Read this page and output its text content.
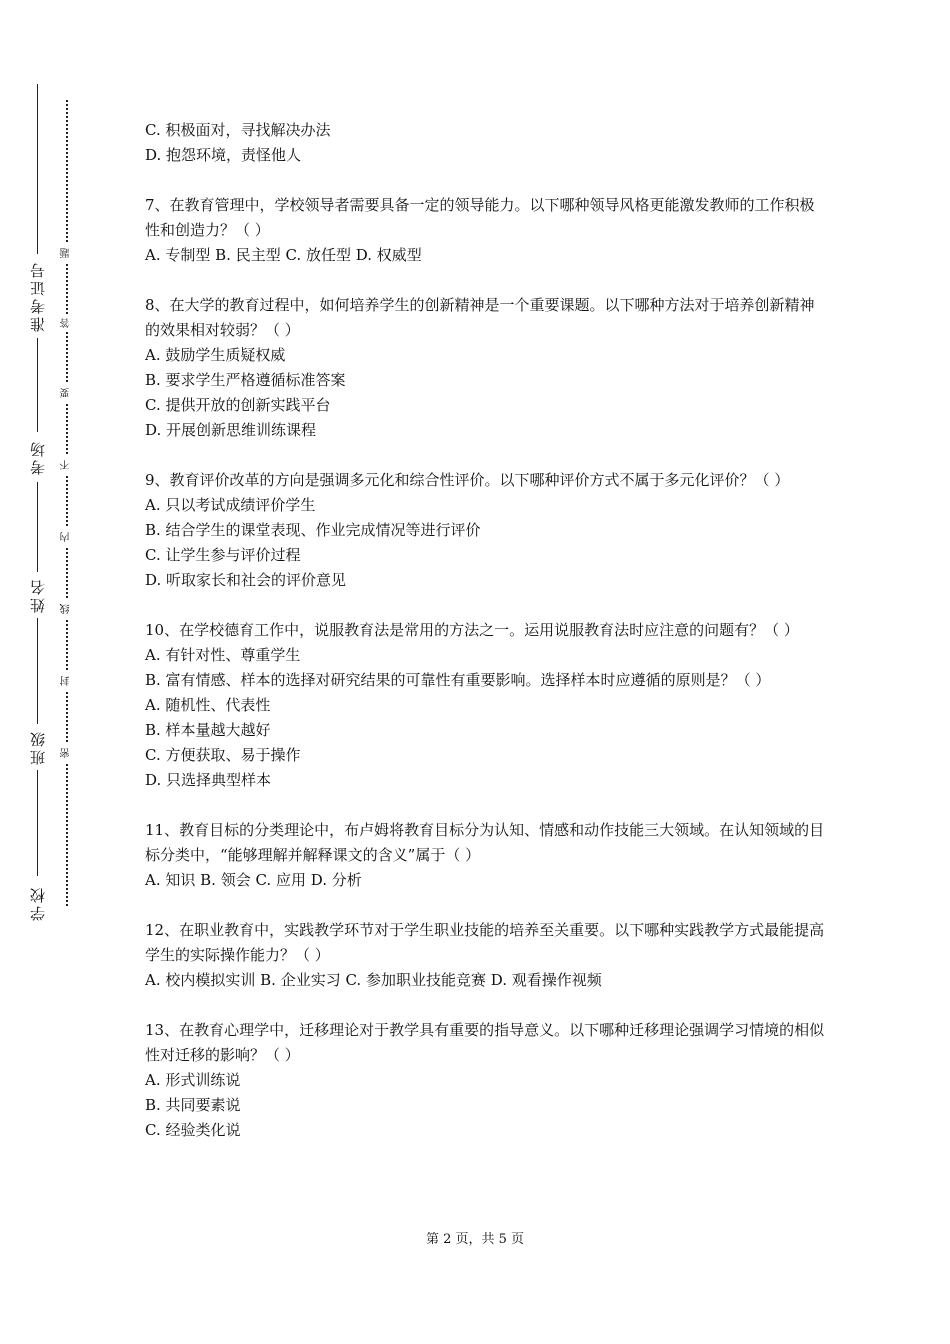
准考证号
考场
姓名
班级
学校
题
答
要
不
内
线
封
密

C. 积极面对，寻找解决办法

D. 抱怨环境，责怪他人

7、在教育管理中，学校领导者需要具备一定的领导能力。以下哪种领导风格更能激发教师的工作积极性和创造力？（ ）

A. 专制型 B. 民主型 C. 放任型 D. 权威型

8、在大学的教育过程中，如何培养学生的创新精神是一个重要课题。以下哪种方法对于培养创新精神的效果相对较弱？（ ）

A. 鼓励学生质疑权威

B. 要求学生严格遵循标准答案

C. 提供开放的创新实践平台

D. 开展创新思维训练课程

9、教育评价改革的方向是强调多元化和综合性评价。以下哪种评价方式不属于多元化评价？（ ）

A. 只以考试成绩评价学生

B. 结合学生的课堂表现、作业完成情况等进行评价

C. 让学生参与评价过程

D. 听取家长和社会的评价意见

10、在学校德育工作中，说服教育法是常用的方法之一。运用说服教育法时应注意的问题有？（ ）

A. 有针对性、尊重学生

B. 富有情感、样本的选择对研究结果的可靠性有重要影响。选择样本时应遵循的原则是？（ ）

A. 随机性、代表性

B. 样本量越大越好

C. 方便获取、易于操作

D. 只选择典型样本

11、教育目标的分类理论中，布卢姆将教育目标分为认知、情感和动作技能三大领域。在认知领域的目标分类中，“能够理解并解释课文的含义”属于（ ）

A. 知识 B. 领会 C. 应用 D. 分析

12、在职业教育中，实践教学环节对于学生职业技能的培养至关重要。以下哪种实践教学方式最能提高学生的实际操作能力？（ ）

A. 校内模拟实训 B. 企业实习 C. 参加职业技能竞赛 D. 观看操作视频

13、在教育心理学中，迁移理论对于教学具有重要的指导意义。以下哪种迁移理论强调学习情境的相似性对迁移的影响？（ ）

A. 形式训练说

B. 共同要素说

C. 经验类化说

第 2 页，共 5 页
